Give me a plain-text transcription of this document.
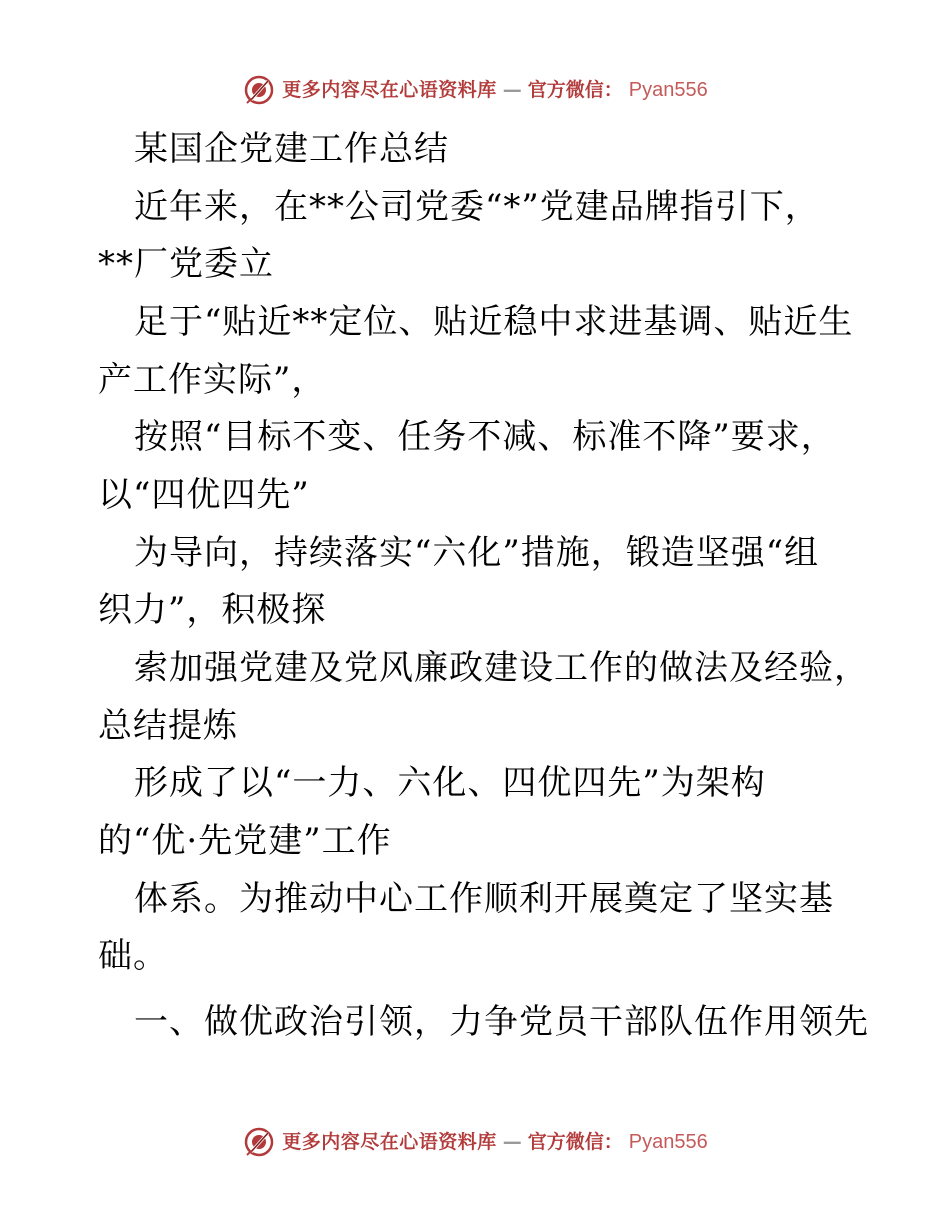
更多内容尽在心语资料库 — 官方微信： Pyan556
某国企党建工作总结
近年来，在**公司党委“*”党建品牌指引下，
**厂党委立
足于“贴近**定位、贴近稳中求进基调、贴近生
产工作实际”，
按照“目标不变、任务不减、标准不降”要求，
以“四优四先”
为导向，持续落实“六化”措施，锻造坚强“组
织力”，积极探
索加强党建及党风廉政建设工作的做法及经验，
总结提炼
形成了以“一力、六化、四优四先”为架构
的“优·先党建”工作
体系。为推动中心工作顺利开展奠定了坚实基
础。
一、做优政治引领，力争党员干部队伍作用领先
更多内容尽在心语资料库 — 官方微信： Pyan556
